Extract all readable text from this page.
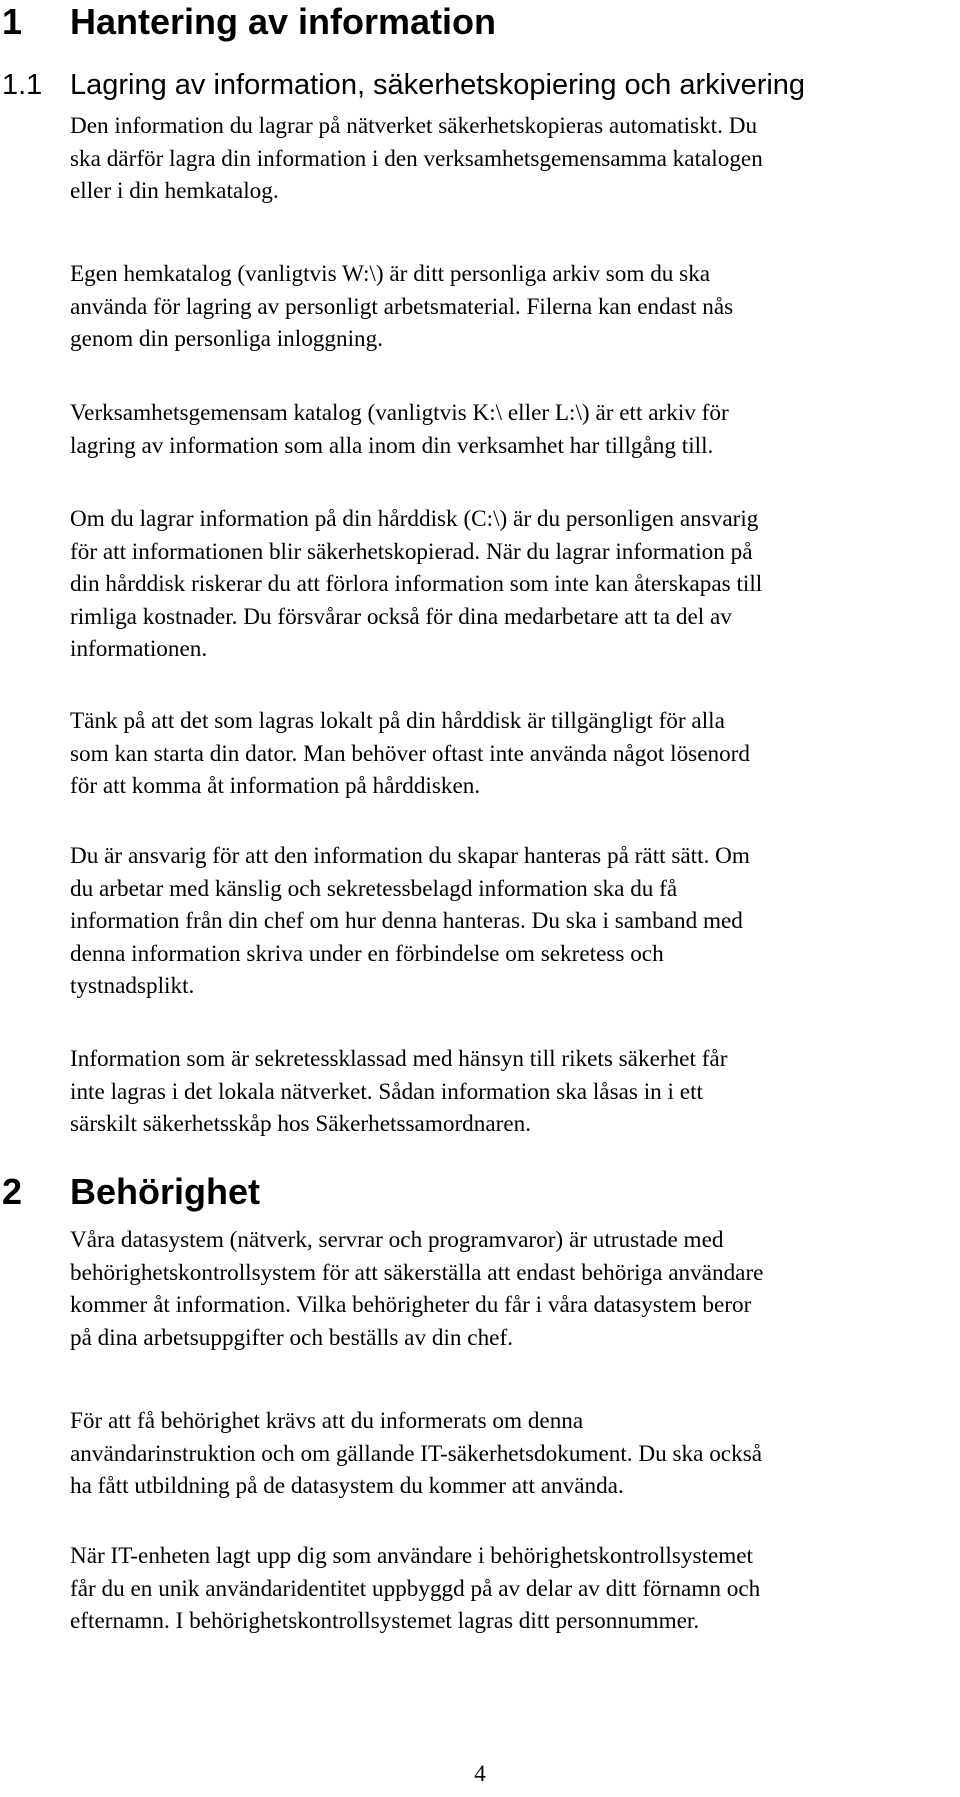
1 Hantering av information
1.1 Lagring av information, säkerhetskopiering och arkivering
Den information du lagrar på nätverket säkerhetskopieras automatiskt. Du
ska därför lagra din information i den verksamhetsgemensamma katalogen
eller i din hemkatalog.
Egen hemkatalog (vanligtvis W:\) är ditt personliga arkiv som du ska
använda för lagring av personligt arbetsmaterial. Filerna kan endast nås
genom din personliga inloggning.
Verksamhetsgemensam katalog (vanligtvis K:\ eller L:\) är ett arkiv för
lagring av information som alla inom din verksamhet har tillgång till.
Om du lagrar information på din hårddisk (C:\) är du personligen ansvarig
för att informationen blir säkerhetskopierad. När du lagrar information på
din hårddisk riskerar du att förlora information som inte kan återskapas till
rimliga kostnader. Du försvårar också för dina medarbetare att ta del av
informationen.
Tänk på att det som lagras lokalt på din hårddisk är tillgängligt för alla
som kan starta din dator. Man behöver oftast inte använda något lösenord
för att komma åt information på hårddisken.
Du är ansvarig för att den information du skapar hanteras på rätt sätt. Om
du arbetar med känslig och sekretessbelagd information ska du få
information från din chef om hur denna hanteras. Du ska i samband med
denna information skriva under en förbindelse om sekretess och
tystnadsplikt.
Information som är sekretessklassad med hänsyn till rikets säkerhet får
inte lagras i det lokala nätverket. Sådan information ska låsas in i ett
särskilt säkerhetsskåp hos Säkerhetssamordnaren.
2 Behörighet
Våra datasystem (nätverk, servrar och programvaror) är utrustade med
behörighetskontrollsystem för att säkerställa att endast behöriga användare
kommer åt information. Vilka behörigheter du får i våra datasystem beror
på dina arbetsuppgifter och beställs av din chef.
För att få behörighet krävs att du informerats om denna
användarinstruktion och om gällande IT-säkerhetsdokument. Du ska också
ha fått utbildning på de datasystem du kommer att använda.
När IT-enheten lagt upp dig som användare i behörighetskontrollsystemet
får du en unik användaridentitet uppbyggd på av delar av ditt förnamn och
efternamn. I behörighetskontrollsystemet lagras ditt personnummer.
4
